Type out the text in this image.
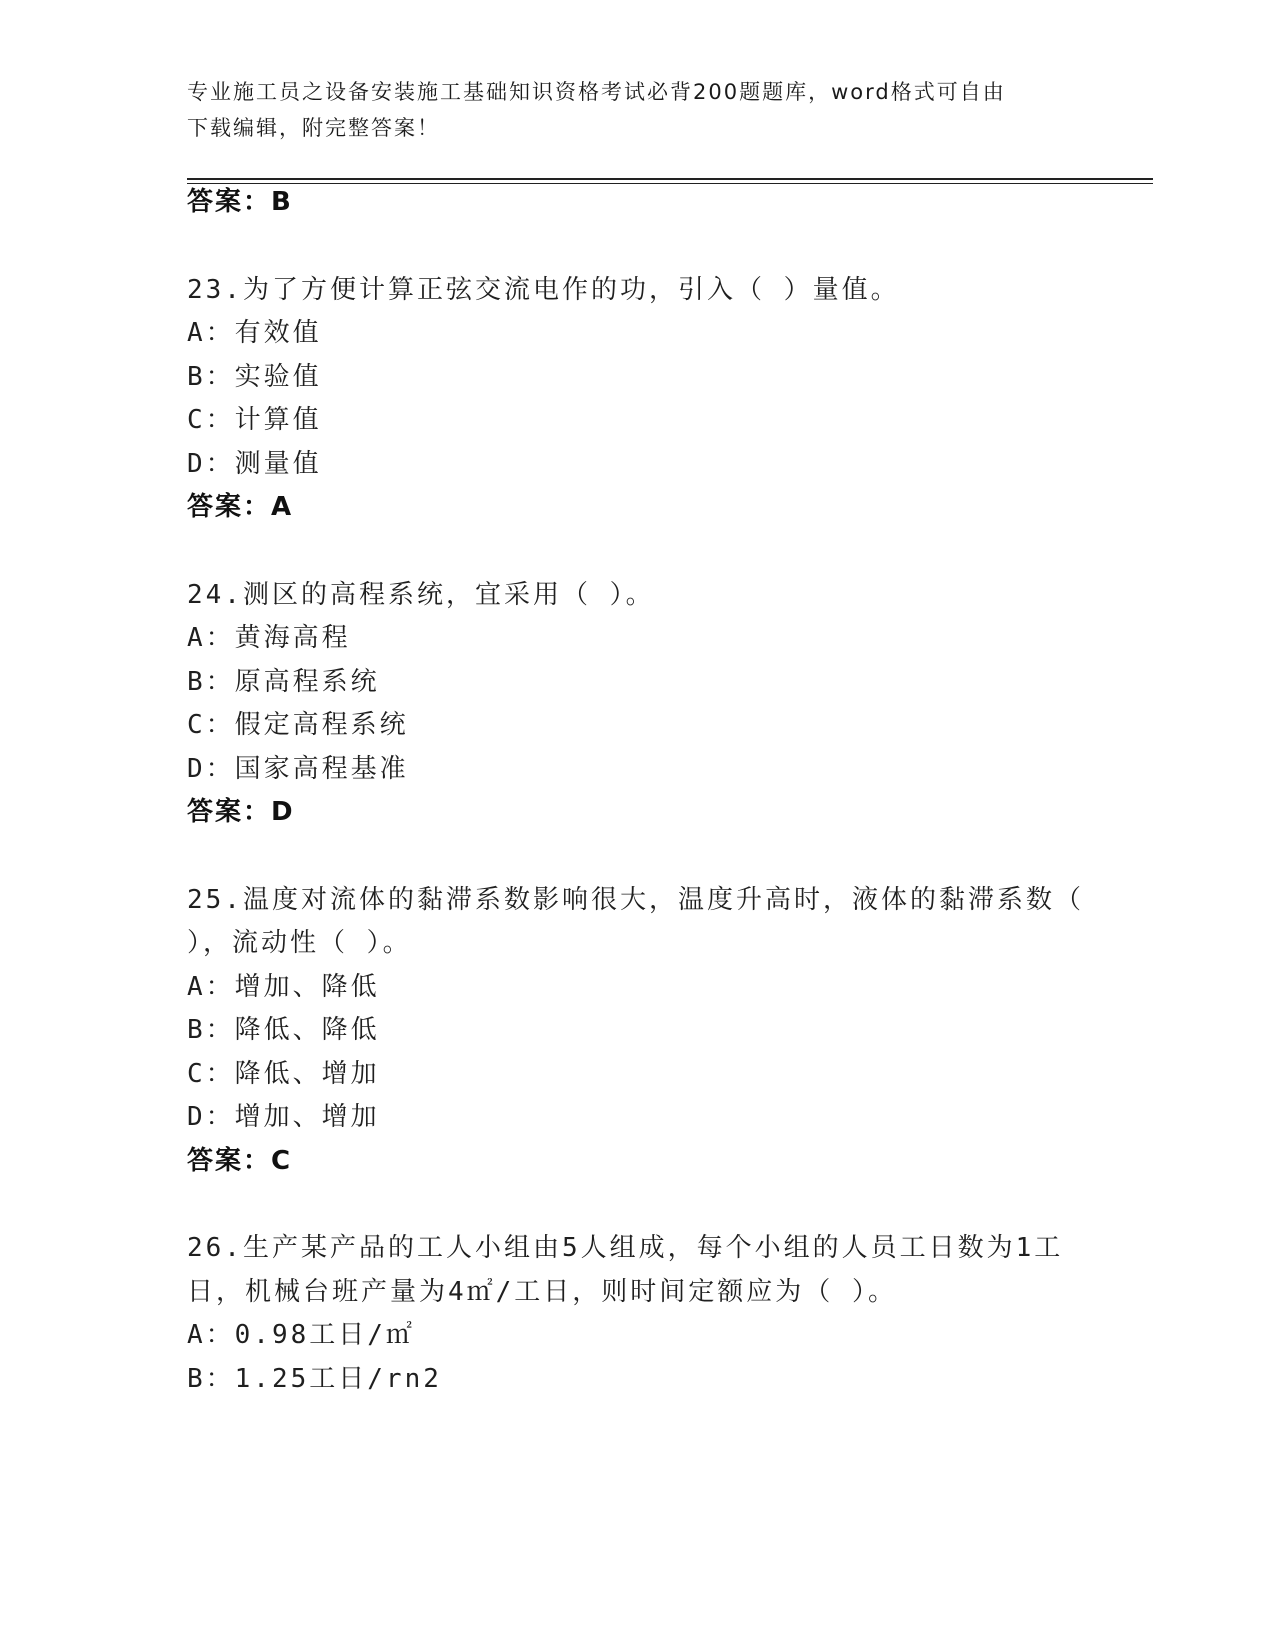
专业施工员之设备安装施工基础知识资格考试必背200题题库，word格式可自由
下载编辑，附完整答案！
答案：B
23.为了方便计算正弦交流电作的功，引入（ ）量值。
A：有效值
B：实验值
C：计算值
D：测量值
答案：A
24.测区的高程系统，宜采用（ ）。
A：黄海高程
B：原高程系统
C：假定高程系统
D：国家高程基准
答案：D
25.温度对流体的黏滞系数影响很大，温度升高时，液体的黏滞系数（
），流动性（ ）。
A：增加、降低
B：降低、降低
C：降低、增加
D：增加、增加
答案：C
26.生产某产品的工人小组由5人组成，每个小组的人员工日数为1工
日，机械台班产量为4㎡/工日，则时间定额应为（ ）。
A：0.98工日/㎡
B：1.25工日/rn2
